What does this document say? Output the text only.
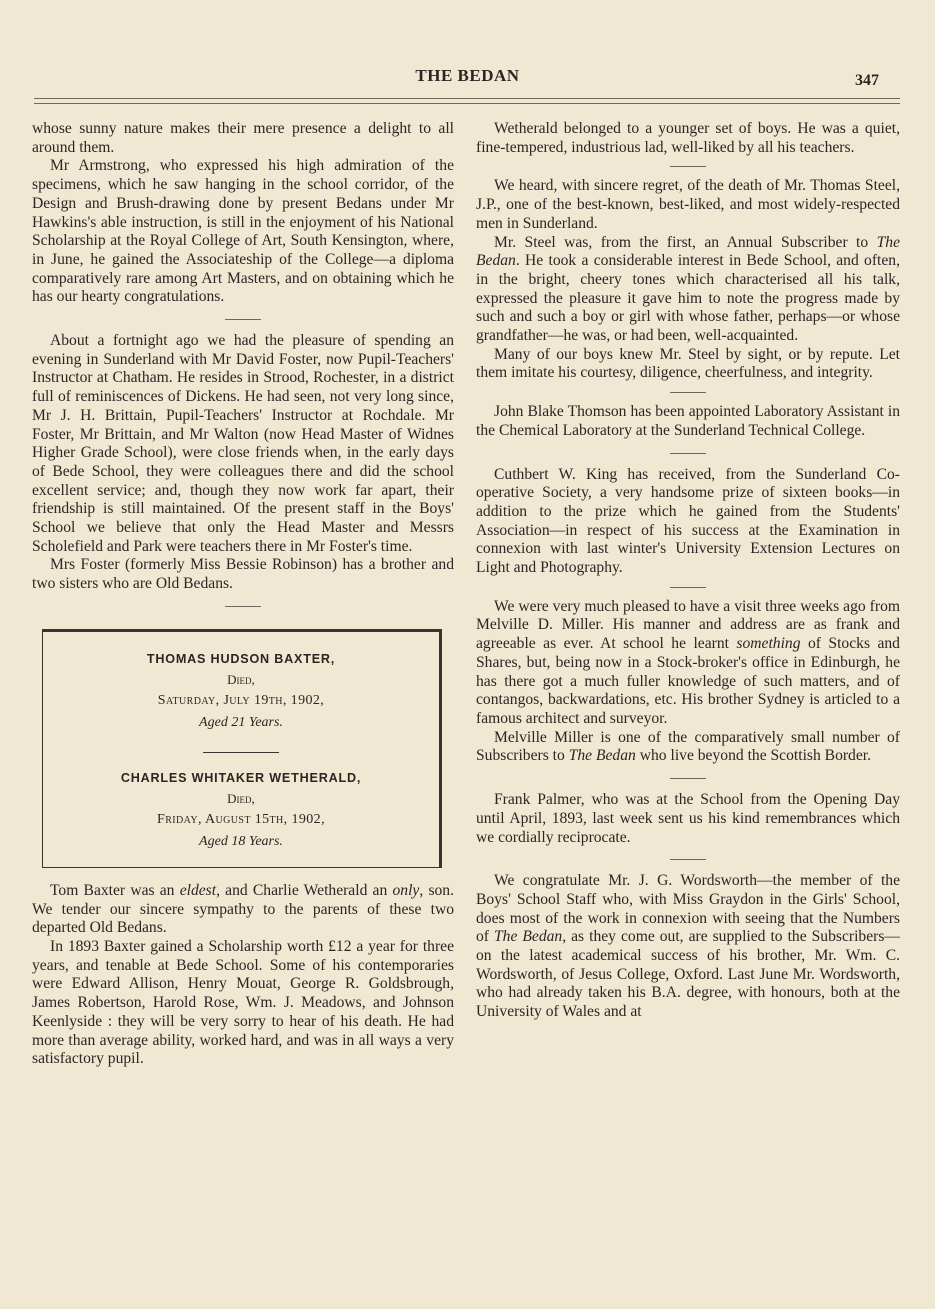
THE BEDAN	347

whose sunny nature makes their mere presence a delight to all around them.

Mr Armstrong, who expressed his high admiration of the specimens, which he saw hanging in the school corridor, of the Design and Brush-drawing done by present Bedans under Mr Hawkins's able instruction, is still in the enjoyment of his National Scholarship at the Royal College of Art, South Kensington, where, in June, he gained the Associateship of the College—a diploma comparatively rare among Art Masters, and on obtaining which he has our hearty congratulations.

About a fortnight ago we had the pleasure of spending an evening in Sunderland with Mr David Foster, now Pupil-Teachers' Instructor at Chatham. He resides in Strood, Rochester, in a district full of reminiscences of Dickens. He had seen, not very long since, Mr J. H. Brittain, Pupil-Teachers' Instructor at Rochdale. Mr Foster, Mr Brittain, and Mr Walton (now Head Master of Widnes Higher Grade School), were close friends when, in the early days of Bede School, they were colleagues there and did the school excellent service; and, though they now work far apart, their friendship is still maintained. Of the present staff in the Boys' School we believe that only the Head Master and Messrs Scholefield and Park were teachers there in Mr Foster's time.

Mrs Foster (formerly Miss Bessie Robinson) has a brother and two sisters who are Old Bedans.

THOMAS HUDSON BAXTER,
Died,
Saturday, July 19th, 1902,
Aged 21 Years.
CHARLES WHITAKER WETHERALD,
Died,
Friday, August 15th, 1902,
Aged 18 Years.

Tom Baxter was an eldest, and Charlie Wetherald an only, son. We tender our sincere sympathy to the parents of these two departed Old Bedans.

In 1893 Baxter gained a Scholarship worth £12 a year for three years, and tenable at Bede School. Some of his contemporaries were Edward Allison, Henry Mouat, George R. Goldsbrough, James Robertson, Harold Rose, Wm. J. Meadows, and Johnson Keenlyside : they will be very sorry to hear of his death. He had more than average ability, worked hard, and was in all ways a very satisfactory pupil.

Wetherald belonged to a younger set of boys. He was a quiet, fine-tempered, industrious lad, well-liked by all his teachers.

We heard, with sincere regret, of the death of Mr. Thomas Steel, J.P., one of the best-known, best-liked, and most widely-respected men in Sunderland.

Mr. Steel was, from the first, an Annual Subscriber to The Bedan. He took a considerable interest in Bede School, and often, in the bright, cheery tones which characterised all his talk, expressed the pleasure it gave him to note the progress made by such and such a boy or girl with whose father, perhaps—or whose grandfather—he was, or had been, well-acquainted.

Many of our boys knew Mr. Steel by sight, or by repute. Let them imitate his courtesy, diligence, cheerfulness, and integrity.

John Blake Thomson has been appointed Laboratory Assistant in the Chemical Laboratory at the Sunderland Technical College.

Cuthbert W. King has received, from the Sunderland Co-operative Society, a very handsome prize of sixteen books—in addition to the prize which he gained from the Students' Association—in respect of his success at the Examination in connexion with last winter's University Extension Lectures on Light and Photography.

We were very much pleased to have a visit three weeks ago from Melville D. Miller. His manner and address are as frank and agreeable as ever. At school he learnt something of Stocks and Shares, but, being now in a Stock-broker's office in Edinburgh, he has there got a much fuller knowledge of such matters, and of contangos, backwardations, etc. His brother Sydney is articled to a famous architect and surveyor.

Melville Miller is one of the comparatively small number of Subscribers to The Bedan who live beyond the Scottish Border.

Frank Palmer, who was at the School from the Opening Day until April, 1893, last week sent us his kind remembrances which we cordially reciprocate.

We congratulate Mr. J. G. Wordsworth—the member of the Boys' School Staff who, with Miss Graydon in the Girls' School, does most of the work in connexion with seeing that the Numbers of The Bedan, as they come out, are supplied to the Subscribers—on the latest academical success of his brother, Mr. Wm. C. Wordsworth, of Jesus College, Oxford. Last June Mr. Wordsworth, who had already taken his B.A. degree, with honours, both at the University of Wales and at
